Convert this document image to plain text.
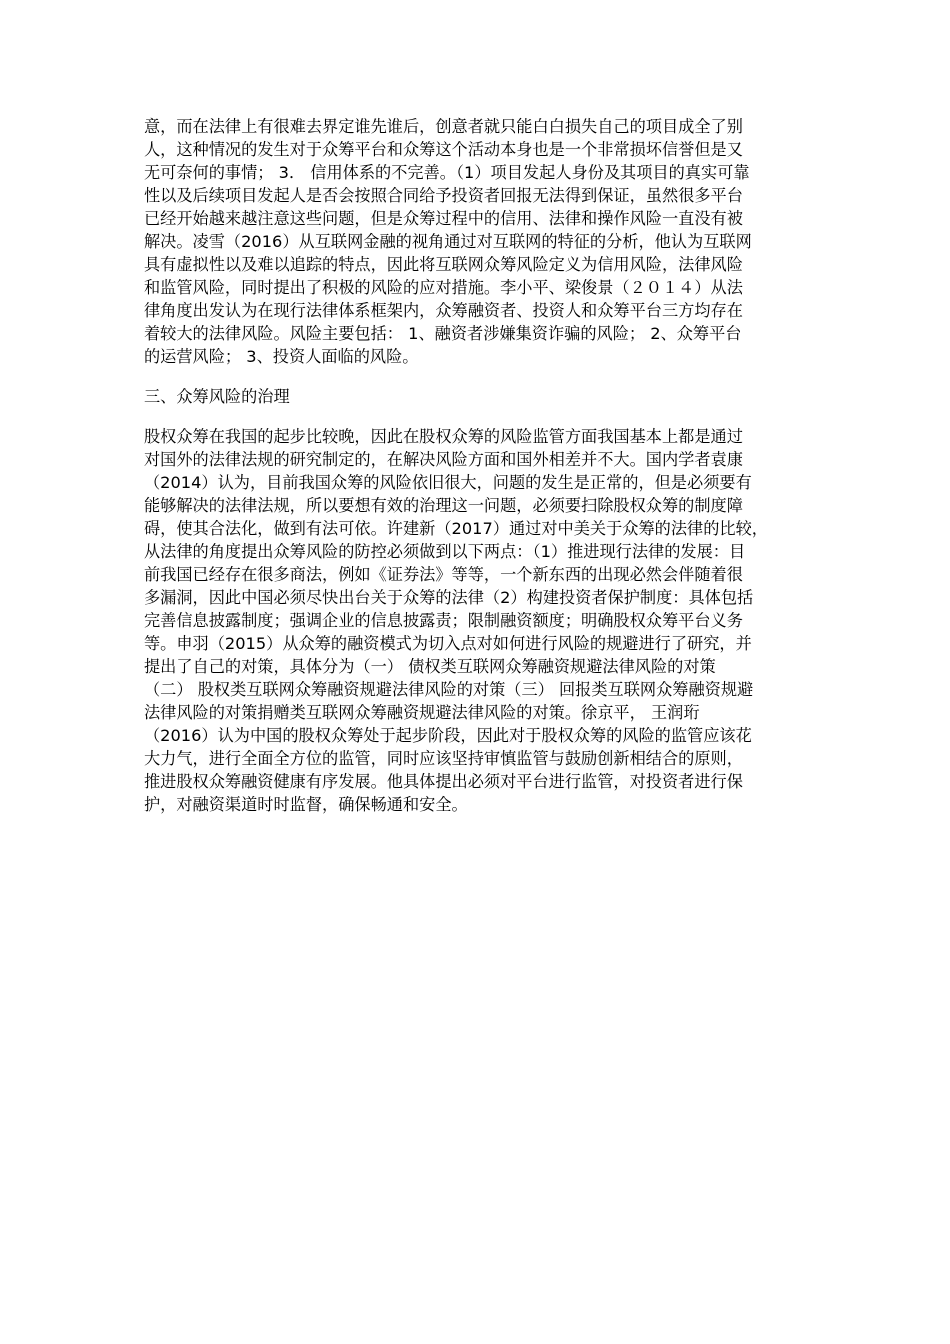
意，而在法律上有很难去界定谁先谁后，创意者就只能白白损失自己的项目成全了别
人，这种情况的发生对于众筹平台和众筹这个活动本身也是一个非常损坏信誉但是又
无可奈何的事情； 3． 信用体系的不完善。（1）项目发起人身份及其项目的真实可靠
性以及后续项目发起人是否会按照合同给予投资者回报无法得到保证，虽然很多平台
已经开始越来越注意这些问题，但是众筹过程中的信用、法律和操作风险一直没有被
解决。凌雪（2016）从互联网金融的视角通过对互联网的特征的分析，他认为互联网
具有虚拟性以及难以追踪的特点，因此将互联网众筹风险定义为信用风险，法律风险
和监管风险，同时提出了积极的风险的应对措施。李小平、梁俊景（２０１４）从法
律角度出发认为在现行法律体系框架内，众筹融资者、投资人和众筹平台三方均存在
着较大的法律风险。风险主要包括： 1、融资者涉嫌集资诈骗的风险； 2、众筹平台
的运营风险； 3、投资人面临的风险。
三、众筹风险的治理
股权众筹在我国的起步比较晚，因此在股权众筹的风险监管方面我国基本上都是通过
对国外的法律法规的研究制定的，在解决风险方面和国外相差并不大。国内学者袁康
（2014）认为，目前我国众筹的风险依旧很大，问题的发生是正常的，但是必须要有
能够解决的法律法规，所以要想有效的治理这一问题，必须要扫除股权众筹的制度障
碍，使其合法化，做到有法可依。许建新（2017）通过对中美关于众筹的法律的比较，
从法律的角度提出众筹风险的防控必须做到以下两点：（1）推进现行法律的发展：目
前我国已经存在很多商法，例如《证券法》等等，一个新东西的出现必然会伴随着很
多漏洞，因此中国必须尽快出台关于众筹的法律（2）构建投资者保护制度：具体包括
完善信息披露制度；强调企业的信息披露责；限制融资额度；明确股权众筹平台义务
等。申羽（2015）从众筹的融资模式为切入点对如何进行风险的规避进行了研究，并
提出了自己的对策，具体分为（一） 债权类互联网众筹融资规避法律风险的对策
（二） 股权类互联网众筹融资规避法律风险的对策（三） 回报类互联网众筹融资规避
法律风险的对策捐赠类互联网众筹融资规避法律风险的对策。徐京平， 王润珩
（2016）认为中国的股权众筹处于起步阶段，因此对于股权众筹的风险的监管应该花
大力气，进行全面全方位的监管，同时应该坚持审慎监管与鼓励创新相结合的原则，
推进股权众筹融资健康有序发展。他具体提出必须对平台进行监管，对投资者进行保
护，对融资渠道时时监督，确保畅通和安全。
